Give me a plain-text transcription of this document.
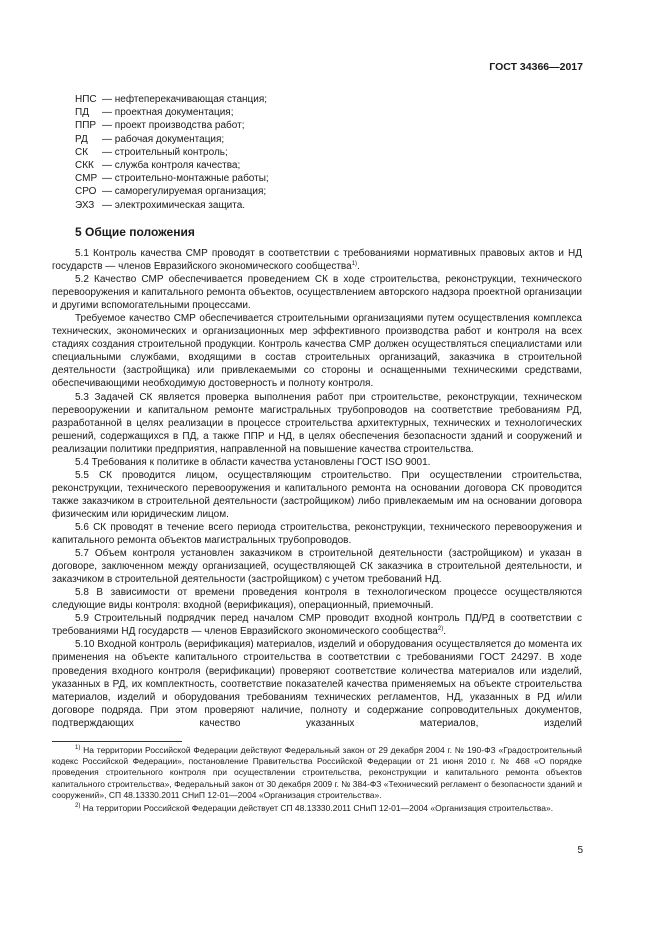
ГОСТ 34366—2017
НПС — нефтеперекачивающая станция;
ПД	— проектная документация;
ППР — проект производства работ;
РД	— рабочая документация;
СК	— строительный контроль;
СКК — служба контроля качества;
СМР — строительно-монтажные работы;
СРО — саморегулируемая организация;
ЭХЗ — электрохимическая защита.
5 Общие положения

5.1 Контроль качества СМР проводят в соответствии с требованиями нормативных правовых актов и НД государств — членов Евразийского экономического сообщества$^{1)}$.

5.2 Качество СМР обеспечивается проведением СК в ходе строительства, реконструкции, технического перевооружения и капитального ремонта объектов, осуществлением авторского надзора проектной организации и другими вспомогательными процессами.

Требуемое качество СМР обеспечивается строительными организациями путем осуществления комплекса технических, экономических и организационных мер эффективного производства работ и контроля на всех стадиях создания строительной продукции. Контроль качества СМР должен осуществляться специалистами или специальными службами, входящими в состав строительных организаций, заказчика в строительной деятельности (застройщика) или привлекаемыми со стороны и оснащенными техническими средствами, обеспечивающими необходимую достоверность и полноту контроля.

5.3 Задачей СК является проверка выполнения работ при строительстве, реконструкции, техническом перевооружении и капитальном ремонте магистральных трубопроводов на соответствие требованиям РД, разработанной в целях реализации в процессе строительства архитектурных, технических и технологических решений, содержащихся в ПД, а также ППР и НД, в целях обеспечения безопасности зданий и сооружений и реализации политики предприятия, направленной на повышение качества строительства.

5.4 Требования к политике в области качества установлены ГОСТ ISO 9001.

5.5 СК проводится лицом, осуществляющим строительство. При осуществлении строительства, реконструкции, технического перевооружения и капитального ремонта на основании договора СК проводится также заказчиком в строительной деятельности (застройщиком) либо привлекаемым им на основании договора физическим или юридическим лицом.

5.6 СК проводят в течение всего периода строительства, реконструкции, технического перевооружения и капитального ремонта объектов магистральных трубопроводов.

5.7 Объем контроля установлен заказчиком в строительной деятельности (застройщиком) и указан в договоре, заключенном между организацией, осуществляющей СК заказчика в строительной деятельности, и заказчиком в строительной деятельности (застройщиком) с учетом требований НД.

5.8 В зависимости от времени проведения контроля в технологическом процессе осуществляются следующие виды контроля: входной (верификация), операционный, приемочный.

5.9 Строительный подрядчик перед началом СМР проводит входной контроль ПД/РД в соответствии с требованиями НД государств — членов Евразийского экономического сообщества$^{2)}$.

5.10 Входной контроль (верификация) материалов, изделий и оборудования осуществляется до момента их применения на объекте капитального строительства в соответствии с требованиями ГОСТ 24297. В ходе проведения входного контроля (верификации) проверяют соответствие количества материалов или изделий, указанных в РД, их комплектность, соответствие показателей качества применяемых на объекте строительства материалов, изделий и оборудования требованиям технических регламентов, НД, указанных в РД и/или договоре подряда. При этом проверяют наличие, полноту и содержание сопроводительных документов, подтверждающих качество указанных материалов, изделий

$^{1)}$ На территории Российской Федерации действуют Федеральный закон от 29 декабря 2004 г. № 190-ФЗ «Градостроительный кодекс Российской Федерации», постановление Правительства Российской Федерации от 21 июня 2010 г. № 468 «О порядке проведения строительного контроля при осуществлении строительства, реконструкции и капитального ремонта объектов капитального строительства», Федеральный закон от 30 декабря 2009 г. № 384-ФЗ «Технический регламент о безопасности зданий и сооружений», СП 48.13330.2011 СНиП 12-01—2004 «Организация строительства».

$^{2)}$ На территории Российской Федерации действует СП 48.13330.2011 СНиП 12-01—2004 «Организация строительства».

5
